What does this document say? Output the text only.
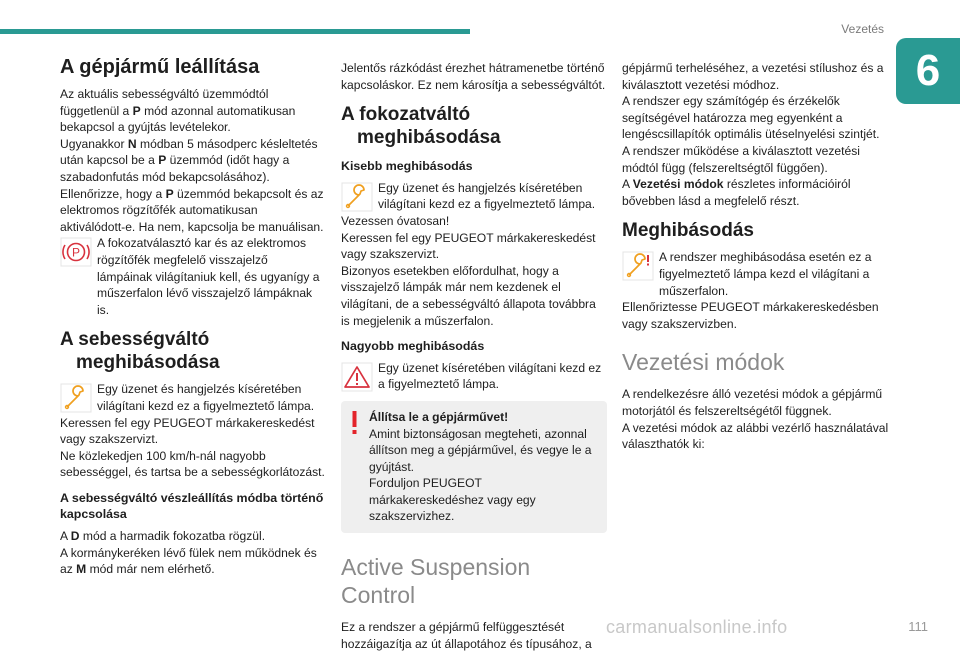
Vezetés
6
A gépjármű leállítása

Az aktuális sebességváltó üzemmódtól függetlenül a P mód azonnal automatikusan bekapcsol a gyújtás levételekor.

Ugyanakkor N módban 5 másodperc késleltetés után kapcsol be a P üzemmód (időt hagy a szabadonfutás mód bekapcsolásához).

Ellenőrizze, hogy a P üzemmód bekapcsolt és az elektromos rögzítőfék automatikusan aktiválódott-e. Ha nem, kapcsolja be manuálisan.

P

A fokozatválasztó kar és az elektromos rögzítőfék megfelelő visszajelző lámpáinak világítaniuk kell, és ugyanígy a műszerfalon lévő visszajelző lámpáknak is.

A sebességváltó
meghibásodása

Egy üzenet és hangjelzés kíséretében világítani kezd ez a figyelmeztető lámpa.

Keressen fel egy PEUGEOT márkakereskedést vagy szakszervizt.

Ne közlekedjen 100 km/h-nál nagyobb sebességgel, és tartsa be a sebességkorlátozást.

A sebességváltó vészleállítás módba történő kapcsolása

A D mód a harmadik fokozatba rögzül.
A kormánykeréken lévő fülek nem működnek és az M mód már nem elérhető.

Jelentős rázkódást érezhet hátramenetbe történő kapcsoláskor. Ez nem károsítja a sebességváltót.

A fokozatváltó
meghibásodása
Kisebb meghibásodás

Egy üzenet és hangjelzés kíséretében világítani kezd ez a figyelmeztető lámpa.

Vezessen óvatosan!

Keressen fel egy PEUGEOT márkakereskedést vagy szakszervizt.

Bizonyos esetekben előfordulhat, hogy a visszajelző lámpák már nem kezdenek el világítani, de a sebességváltó állapota továbbra is megjelenik a műszerfalon.

Nagyobb meghibásodás

Egy üzenet kíséretében világítani kezd ez a figyelmeztető lámpa.

Állítsa le a gépjárművet!

Amint biztonságosan megteheti, azonnal állítson meg a gépjárművel, és vegye le a gyújtást.

Forduljon PEUGEOT márkakereskedéshez vagy egy szakszervizhez.

Active Suspension Control

Ez a rendszer a gépjármű felfüggesztését hozzáigazítja az út állapotához és típusához, a

gépjármű terheléséhez, a vezetési stílushoz és a kiválasztott vezetési módhoz.

A rendszer egy számítógép és érzékelők segítségével határozza meg egyenként a lengéscsillapítók optimális ütéselnyelési szintjét.

A rendszer működése a kiválasztott vezetési módtól függ (felszereltségtől függően).

A Vezetési módok részletes információiról bővebben lásd a megfelelő részt.

Meghibásodás

A rendszer meghibásodása esetén ez a figyelmeztető lámpa kezd el világítani a műszerfalon.

Ellenőriztesse PEUGEOT márkakereskedésben vagy szakszervizben.

Vezetési módok

A rendelkezésre álló vezetési módok a gépjármű motorjától és felszereltségétől függnek.

A vezetési módok az alábbi vezérlő használatával választhatók ki:

111
carmanualsonline.info
